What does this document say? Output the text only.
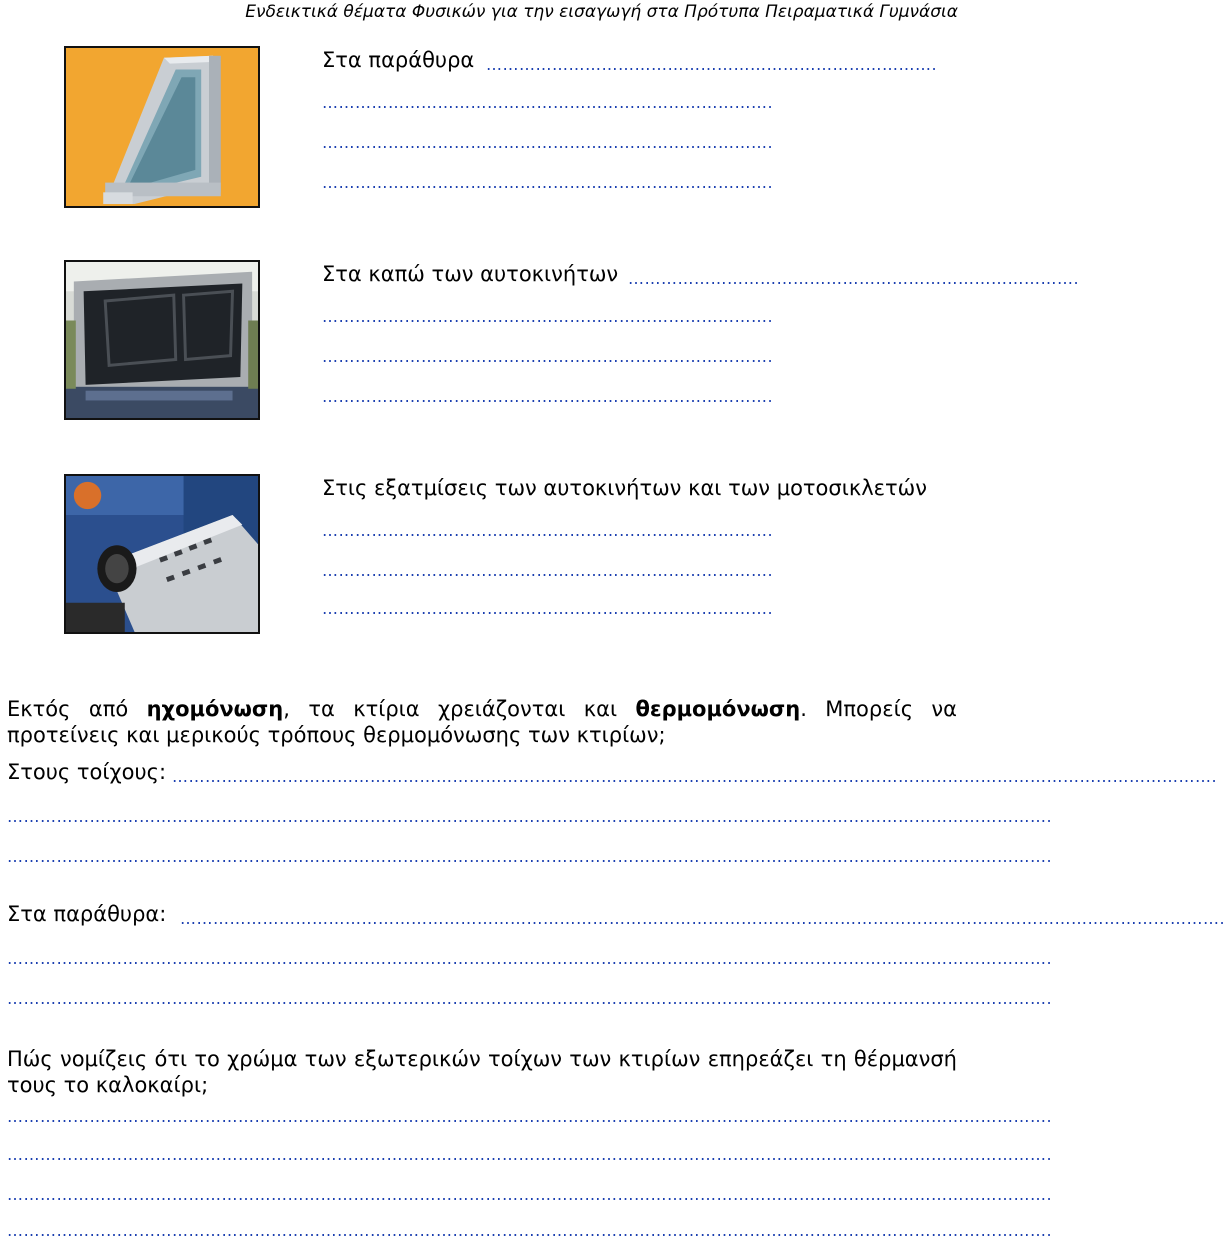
Ενδεικτικά θέματα Φυσικών για την εισαγωγή στα Πρότυπα Πειραματικά Γυμνάσια
Στα παράθυρα ……………………………………………………………………….
……………………………………………………………………….
……………………………………………………………………….
……………………………………………………………………….
Στα καπώ των αυτοκινήτων ……………………………………………………………………….
……………………………………………………………………….
……………………………………………………………………….
……………………………………………………………………….
Στις εξατμίσεις των αυτοκινήτων και των μοτοσικλετών
……………………………………………………………………….
……………………………………………………………………….
……………………………………………………………………….
Εκτός από ηχομόνωση, τα κτίρια χρειάζονται και θερμομόνωση. Μπορείς να προτείνεις και μερικούς τρόπους θερμομόνωσης των κτιρίων;
Στους τοίχους: ……………………………………………………………………………………………………………………………………………………………………….
……………………………………………………………………………………………………………………………………………………………………….
……………………………………………………………………………………………………………………………………………………………………….
Στα παράθυρα: ……………………………………………………………………………………………………………………………………………………………………….
……………………………………………………………………………………………………………………………………………………………………….
……………………………………………………………………………………………………………………………………………………………………….
Πώς νομίζεις ότι το χρώμα των εξωτερικών τοίχων των κτιρίων επηρεάζει τη θέρμανσή τους το καλοκαίρι;
……………………………………………………………………………………………………………………………………………………………………….
……………………………………………………………………………………………………………………………………………………………………….
……………………………………………………………………………………………………………………………………………………………………….
……………………………………………………………………………………………………………………………………………………………………….
